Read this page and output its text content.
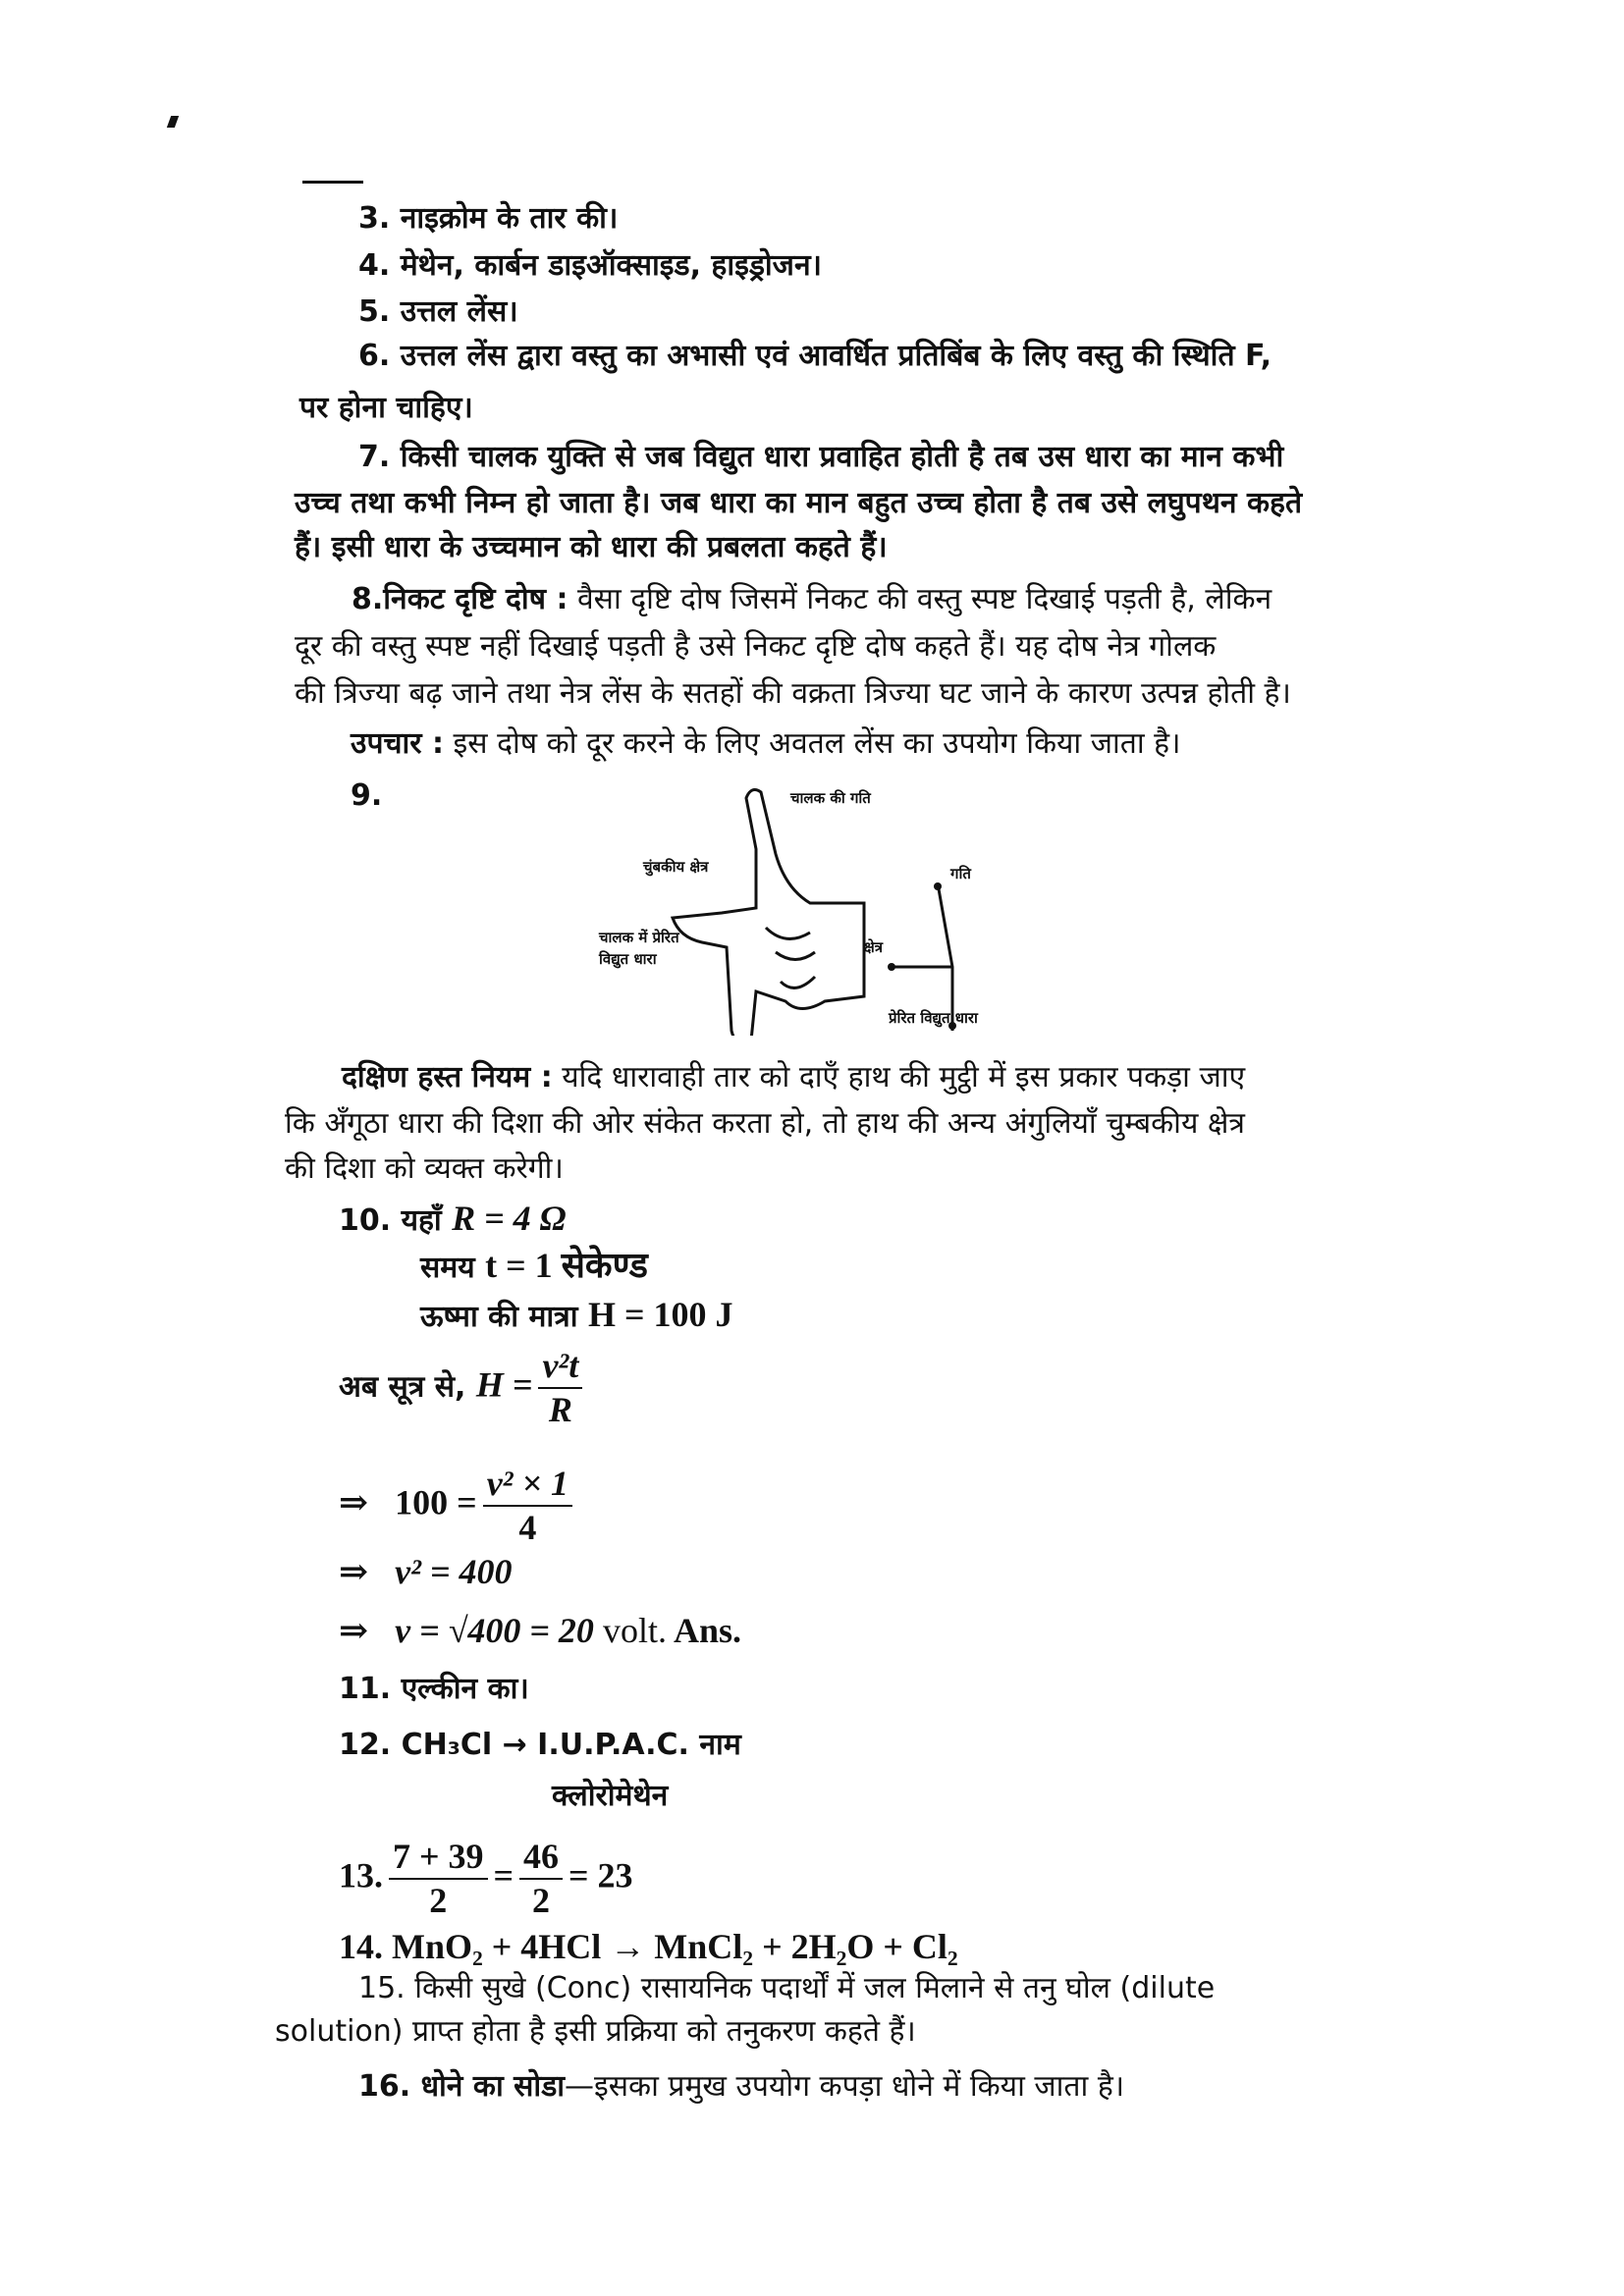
3. नाइक्रोम के तार की।
4. मेथेन, कार्बन डाइऑक्साइड, हाइड्रोजन।
5. उत्तल लेंस।
6. उत्तल लेंस द्वारा वस्तु का अभासी एवं आवर्धित प्रतिबिंब के लिए वस्तु की स्थिति F,
पर होना चाहिए।
7. किसी चालक युक्ति से जब विद्युत धारा प्रवाहित होती है तब उस धारा का मान कभी
उच्च तथा कभी निम्न हो जाता है। जब धारा का मान बहुत उच्च होता है तब उसे लघुपथन कहते
हैं। इसी धारा के उच्चमान को धारा की प्रबलता कहते हैं।
8.निकट दृष्टि दोष : वैसा दृष्टि दोष जिसमें निकट की वस्तु स्पष्ट दिखाई पड़ती है, लेकिन
दूर की वस्तु स्पष्ट नहीं दिखाई पड़ती है उसे निकट दृष्टि दोष कहते हैं। यह दोष नेत्र गोलक
की त्रिज्या बढ़ जाने तथा नेत्र लेंस के सतहों की वक्रता त्रिज्या घट जाने के कारण उत्पन्न होती है।
उपचार : इस दोष को दूर करने के लिए अवतल लेंस का उपयोग किया जाता है।
9.	चालक की गति
चुंबकीय क्षेत्र
चालक में प्रेरित
विद्युत धारा
गति
क्षेत्र
प्रेरित विद्युत धारा
दक्षिण हस्त नियम : यदि धारावाही तार को दाएँ हाथ की मुट्ठी में इस प्रकार पकड़ा जाए
कि अँगूठा धारा की दिशा की ओर संकेत करता हो, तो हाथ की अन्य अंगुलियाँ चुम्बकीय क्षेत्र
की दिशा को व्यक्त करेगी।
10. यहाँ R = 4 Ω
समय t = 1 सेकेण्ड
ऊष्मा की मात्रा H = 100 J
अब सूत्र से, $H = \frac{\text{v²t}}{R}$
⇒ $100 = \frac{\text{v² × 1}}{4}$
⇒ v² = 400
⇒ v = √400 = 20 volt. Ans.
11. एल्कीन का।
12. CH₃Cl → I.U.P.A.C. नाम
क्लोरोमेथेन
13. $\frac{7 + 39}{2} = \frac{46}{2} = 23$
14. MnO₂ + 4HCl → MnCl₂ + 2H₂O + Cl₂
15. किसी सुखे (Conc) रासायनिक पदार्थों में जल मिलाने से तनु घोल (dilute
solution) प्राप्त होता है इसी प्रक्रिया को तनुकरण कहते हैं।
16. धोने का सोडा—इसका प्रमुख उपयोग कपड़ा धोने में किया जाता है।
